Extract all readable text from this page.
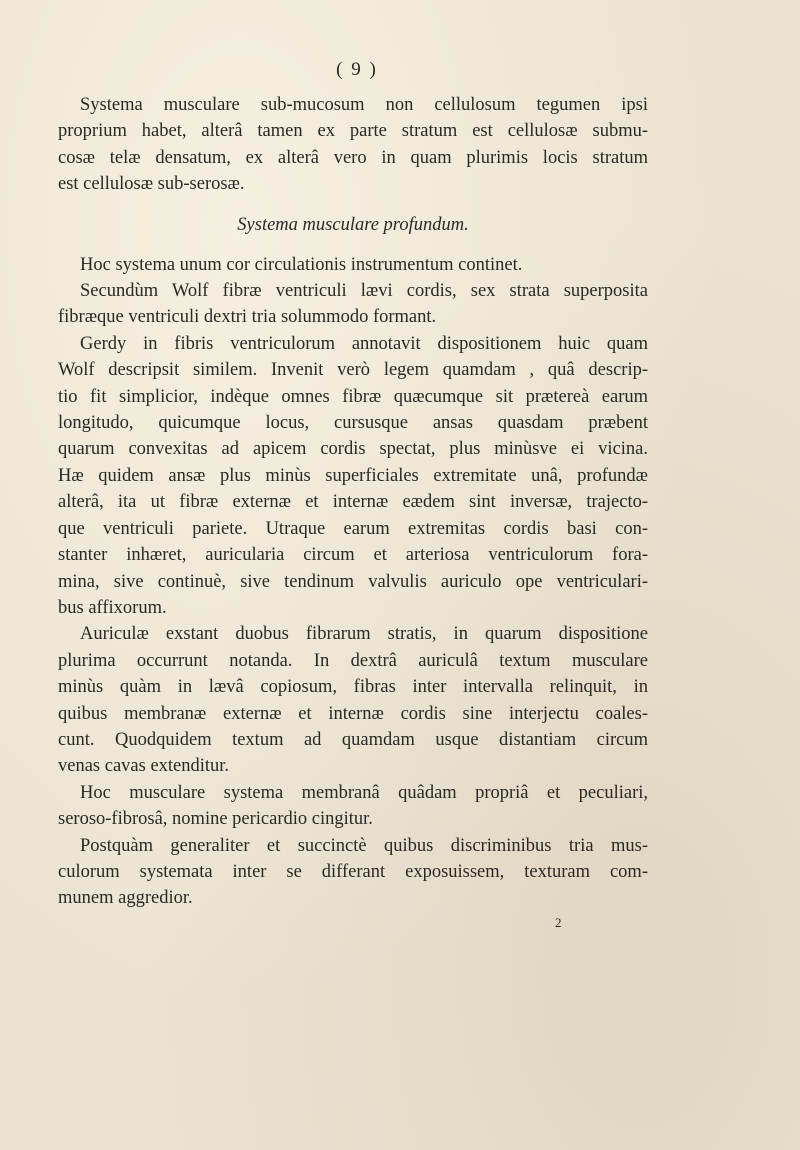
( 9 )

Systema musculare sub-mucosum non cellulosum tegumen ipsi
proprium habet, alterâ tamen ex parte stratum est cellulosæ submu-
cosæ telæ densatum, ex alterâ vero in quam plurimis locis stratum
est cellulosæ sub-serosæ.

Systema musculare profundum.

Hoc systema unum cor circulationis instrumentum continet.

Secundùm Wolf fibræ ventriculi lævi cordis, sex strata superposita
fibræque ventriculi dextri tria solummodo formant.

Gerdy in fibris ventriculorum annotavit dispositionem huic quam
Wolf descripsit similem. Invenit verò legem quamdam , quâ descrip-
tio fit simplicior, indèque omnes fibræ quæcumque sit prætereà earum
longitudo, quicumque locus, cursusque ansas quasdam præbent
quarum convexitas ad apicem cordis spectat, plus minùsve ei vicina.
Hæ quidem ansæ plus minùs superficiales extremitate unâ, profundæ
alterâ, ita ut fibræ externæ et internæ eædem sint inversæ, trajecto-
que ventriculi pariete. Utraque earum extremitas cordis basi con-
stanter inhæret, auricularia circum et arteriosa ventriculorum fora-
mina, sive continuè, sive tendinum valvulis auriculo ope ventriculari-
bus affixorum.

Auriculæ exstant duobus fibrarum stratis, in quarum dispositione
plurima occurrunt notanda. In dextrâ auriculâ textum musculare
minùs quàm in lævâ copiosum, fibras inter intervalla relinquit, in
quibus membranæ externæ et internæ cordis sine interjectu coales-
cunt. Quodquidem textum ad quamdam usque distantiam circum
venas cavas extenditur.

Hoc musculare systema membranâ quâdam propriâ et peculiari,
seroso-fibrosâ, nomine pericardio cingitur.

Postquàm generaliter et succinctè quibus discriminibus tria mus-
culorum systemata inter se differant exposuissem, texturam com-
munem aggredior.

2
